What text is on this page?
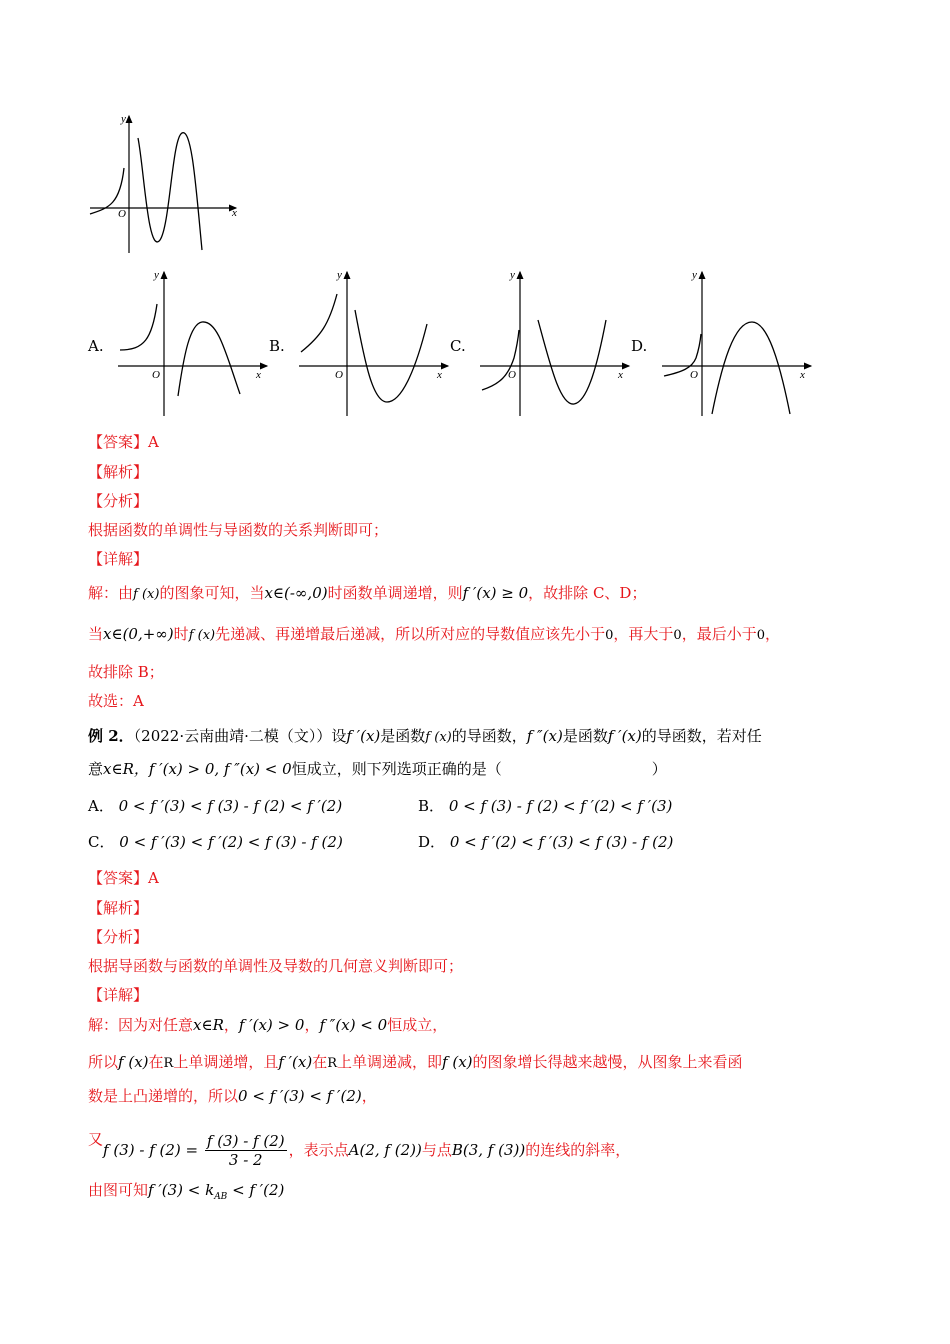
y
x
O
A.
y
x
O
B.
y
x
O
C.
y
x
O
D.
y
x
O
【答案】A
【解析】
【分析】
根据函数的单调性与导函数的关系判断即可；
【详解】
解：由f (x)的图象可知，当x∈(-∞,0)时函数单调递增，则f ′(x) ≥ 0，故排除 C、D；
当x∈(0,+∞)时f (x)先递减、再递增最后递减，所以所对应的导数值应该先小于0，再大于0，最后小于0，
故排除 B；
故选：A
例 2．（2022·云南曲靖·二模（文））设f ′(x)是函数f (x)的导函数，f ″(x)是函数f ′(x)的导函数，若对任
意x∈R，f ′(x) > 0, f ″(x) < 0恒成立，则下列选项正确的是（	）
A． 0 < f ′(3) < f (3) - f (2) < f ′(2)	B． 0 < f (3) - f (2) < f ′(2) < f ′(3)
C． 0 < f ′(3) < f ′(2) < f (3) - f (2)	D． 0 < f ′(2) < f ′(3) < f (3) - f (2)
【答案】A
【解析】
【分析】
根据导函数与函数的单调性及导数的几何意义判断即可；
【详解】
解：因为对任意x∈R，f ′(x) > 0，f ″(x) < 0恒成立，
所以f (x)在R上单调递增，且f ′(x)在R上单调递减，即f (x)的图象增长得越来越慢，从图象上来看函
数是上凸递增的，所以0 < f ′(3) < f ′(2)，
又f (3) - f $(2) = \frac{f (3) - f (2)}{3 - 2}$ ，表示点A(2, f (2))与点B(3, f (3))的连线的斜率，
由图可知f $'(3) < k_{AB} < f$ ′(2)
